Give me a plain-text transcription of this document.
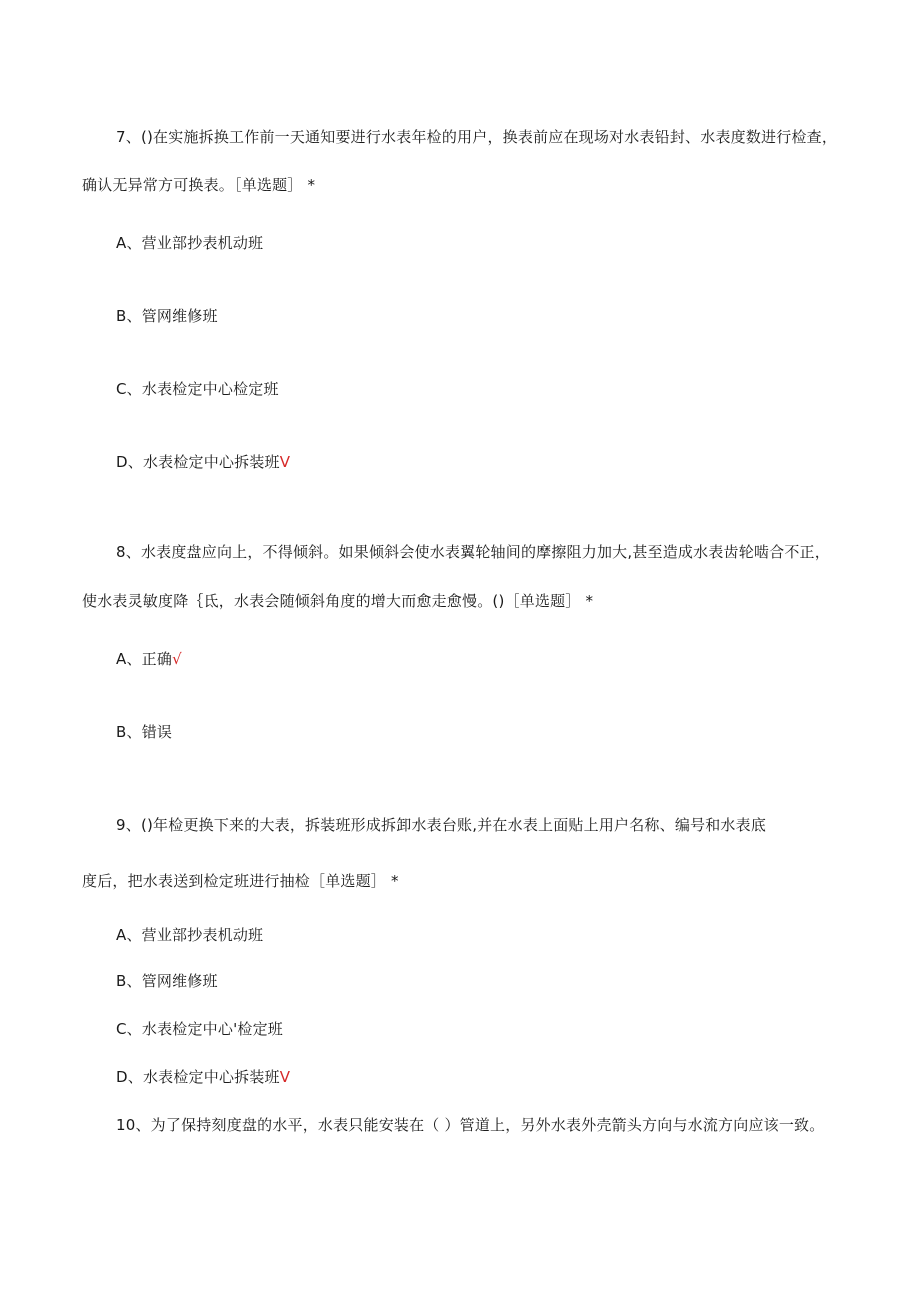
7、()在实施拆换工作前一天通知要进行水表年检的用户，换表前应在现场对水表铅封、水表度数进行检查，
确认无异常方可换表。［单选题］ *
A、营业部抄表机动班
B、管网维修班
C、水表检定中心检定班
D、水表检定中心拆装班V
8、水表度盘应向上，不得倾斜。如果倾斜会使水表翼轮轴间的摩擦阻力加大,甚至造成水表齿轮啮合不正，
使水表灵敏度降｛氐，水表会随倾斜角度的增大而愈走愈慢。()［单选题］ *
A、正确√
B、错误
9、()年检更换下来的大表，拆装班形成拆卸水表台账,并在水表上面贴上用户名称、编号和水表底
度后，把水表送到检定班进行抽检［单选题］ *
A、营业部抄表机动班
B、管网维修班
C、水表检定中心'检定班
D、水表检定中心拆装班V
10、为了保持刻度盘的水平，水表只能安装在（ ）管道上，另外水表外壳箭头方向与水流方向应该一致。
